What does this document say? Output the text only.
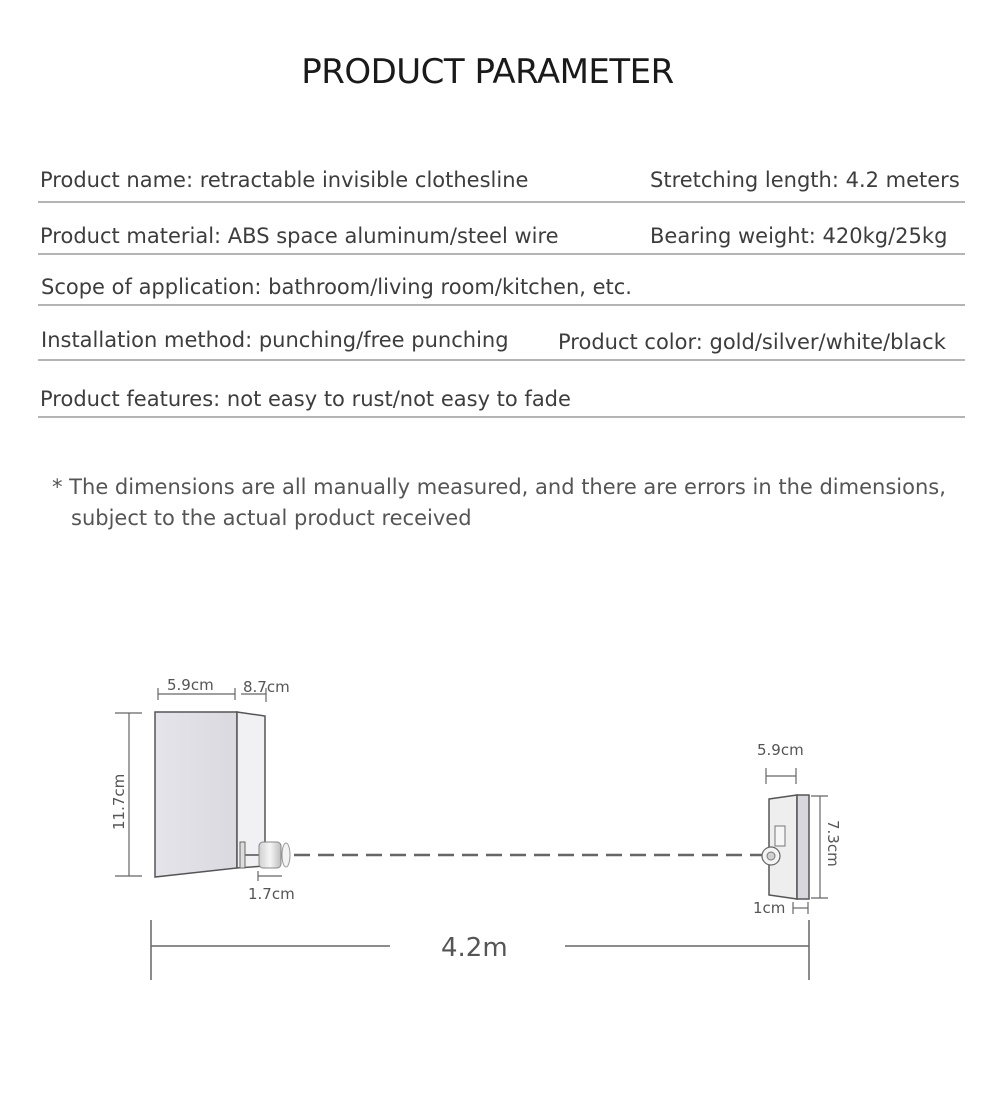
PRODUCT PARAMETER
Product name: retractable invisible clothesline	Stretching length: 4.2 meters
Product material: ABS space aluminum/steel wire	Bearing weight: 420kg/25kg
Scope of application: bathroom/living room/kitchen, etc.
Installation method: punching/free punching Product color: gold/silver/white/black
Product features: not easy to rust/not easy to fade
* The dimensions are all manually measured, and there are errors in the dimensions,
subject to the actual product received
5.9cm 8.7cm
11.7cm
1.7cm
5.9cm
7.3cm
1cm
4.2m
